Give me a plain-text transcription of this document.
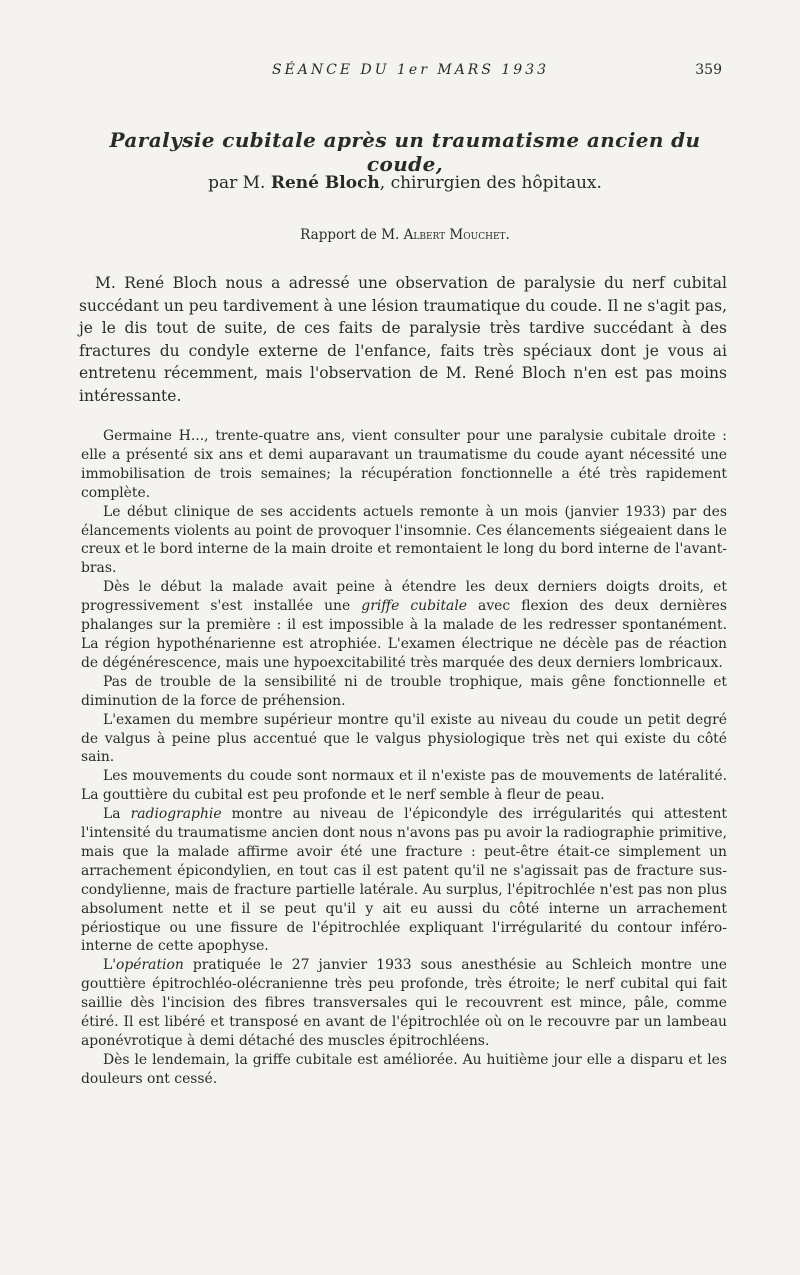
SÉANCE DU 1er MARS 1933	359
Paralysie cubitale après un traumatisme ancien du coude,
par M. René Bloch, chirurgien des hôpitaux.
Rapport de M. Albert Mouchet.

M. René Bloch nous a adressé une observation de paralysie du nerf cubital succédant un peu tardivement à une lésion traumatique du coude. Il ne s'agit pas, je le dis tout de suite, de ces faits de paralysie très tardive succédant à des fractures du condyle externe de l'enfance, faits très spéciaux dont je vous ai entretenu récemment, mais l'observation de M. René Bloch n'en est pas moins intéressante.

Germaine H..., trente-quatre ans, vient consulter pour une paralysie cubitale droite : elle a présenté six ans et demi auparavant un traumatisme du coude ayant nécessité une immobilisation de trois semaines; la récupération fonctionnelle a été très rapidement complète.

Le début clinique de ses accidents actuels remonte à un mois (janvier 1933) par des élancements violents au point de provoquer l'insomnie. Ces élancements siégeaient dans le creux et le bord interne de la main droite et remontaient le long du bord interne de l'avant-bras.

Dès le début la malade avait peine à étendre les deux derniers doigts droits, et progressivement s'est installée une griffe cubitale avec flexion des deux dernières phalanges sur la première : il est impossible à la malade de les redresser spontanément. La région hypothénarienne est atrophiée. L'examen électrique ne décèle pas de réaction de dégénérescence, mais une hypoexcitabilité très marquée des deux derniers lombricaux.

Pas de trouble de la sensibilité ni de trouble trophique, mais gêne fonctionnelle et diminution de la force de préhension.

L'examen du membre supérieur montre qu'il existe au niveau du coude un petit degré de valgus à peine plus accentué que le valgus physiologique très net qui existe du côté sain.

Les mouvements du coude sont normaux et il n'existe pas de mouvements de latéralité. La gouttière du cubital est peu profonde et le nerf semble à fleur de peau.

La radiographie montre au niveau de l'épicondyle des irrégularités qui attestent l'intensité du traumatisme ancien dont nous n'avons pas pu avoir la radiographie primitive, mais que la malade affirme avoir été une fracture : peut-être était-ce simplement un arrachement épicondylien, en tout cas il est patent qu'il ne s'agissait pas de fracture sus-condylienne, mais de fracture partielle latérale. Au surplus, l'épitrochlée n'est pas non plus absolument nette et il se peut qu'il y ait eu aussi du côté interne un arrachement périostique ou une fissure de l'épitrochlée expliquant l'irrégularité du contour inféro-interne de cette apophyse.

L'opération pratiquée le 27 janvier 1933 sous anesthésie au Schleich montre une gouttière épitrochléo-olécranienne très peu profonde, très étroite; le nerf cubital qui fait saillie dès l'incision des fibres transversales qui le recouvrent est mince, pâle, comme étiré. Il est libéré et transposé en avant de l'épitrochlée où on le recouvre par un lambeau aponévrotique à demi détaché des muscles épitrochléens.

Dès le lendemain, la griffe cubitale est améliorée. Au huitième jour elle a disparu et les douleurs ont cessé.
